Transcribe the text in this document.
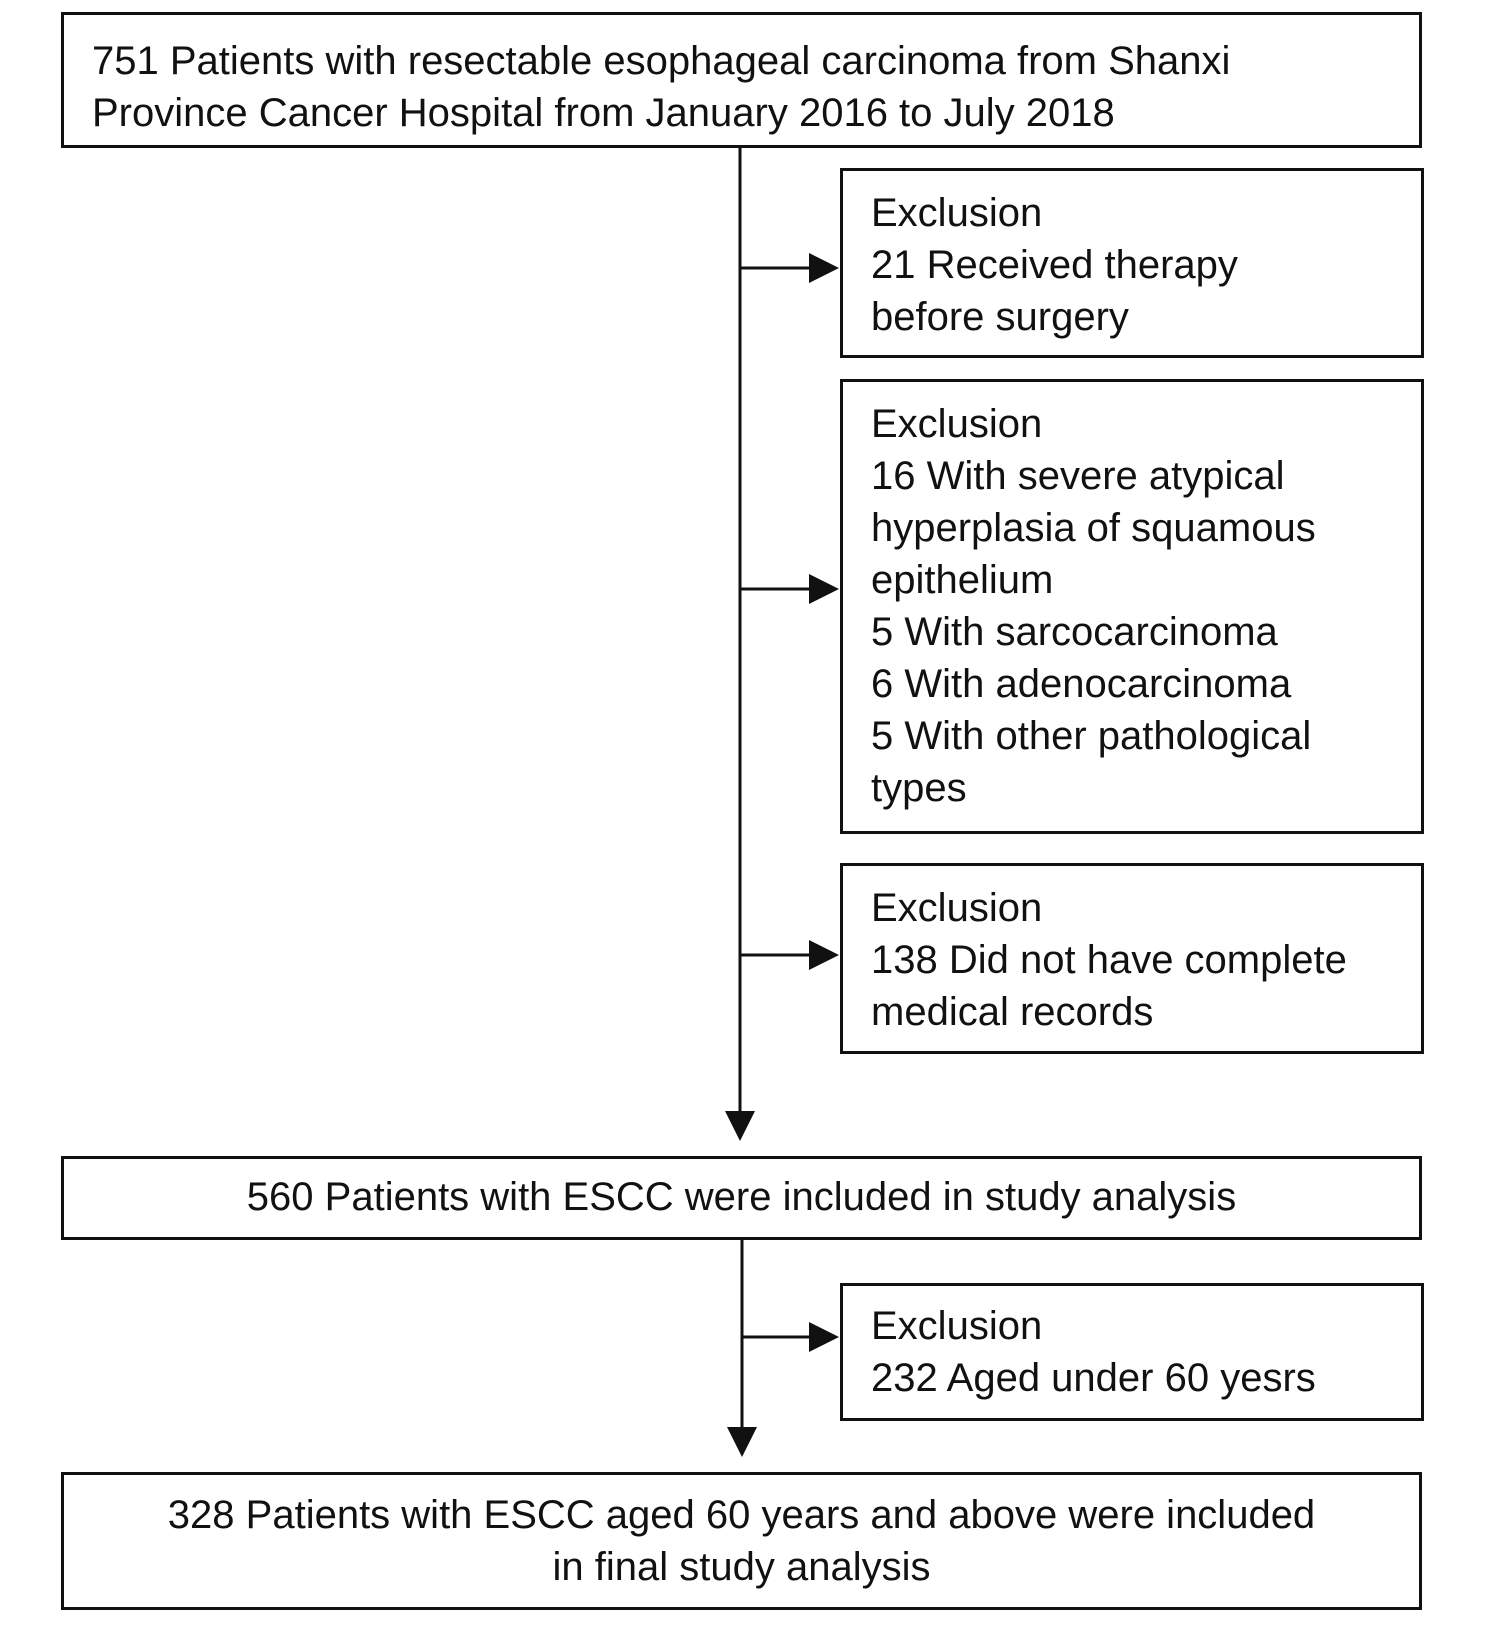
751 Patients with resectable esophageal carcinoma from Shanxi
Province Cancer Hospital from January 2016 to July 2018
Exclusion
21 Received therapy
before surgery
Exclusion
16 With severe atypical
hyperplasia of squamous
epithelium
5 With sarcocarcinoma
6 With adenocarcinoma
5 With other pathological
types
Exclusion
138 Did not have complete
medical records
560 Patients with ESCC were included in study analysis
Exclusion
232 Aged under 60 yesrs
328 Patients with ESCC aged 60 years and above were included
in final study analysis
